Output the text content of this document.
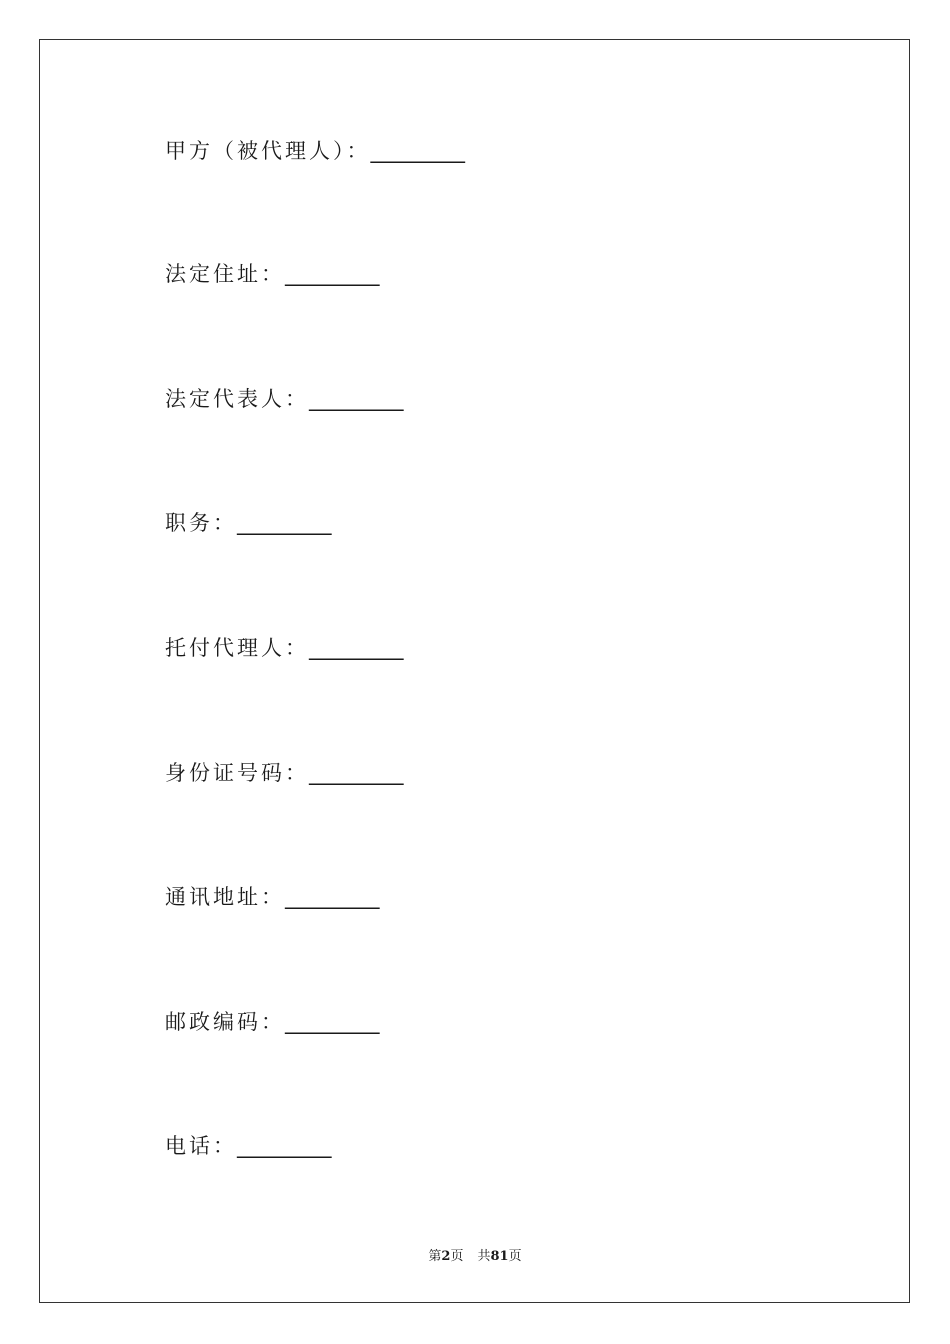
甲方（被代理人）：_________
法定住址：_________
法定代表人：_________
职务：_________
托付代理人：_________
身份证号码：_________
通讯地址：_________
邮政编码：_________
电话：_________
第2页 共81页
